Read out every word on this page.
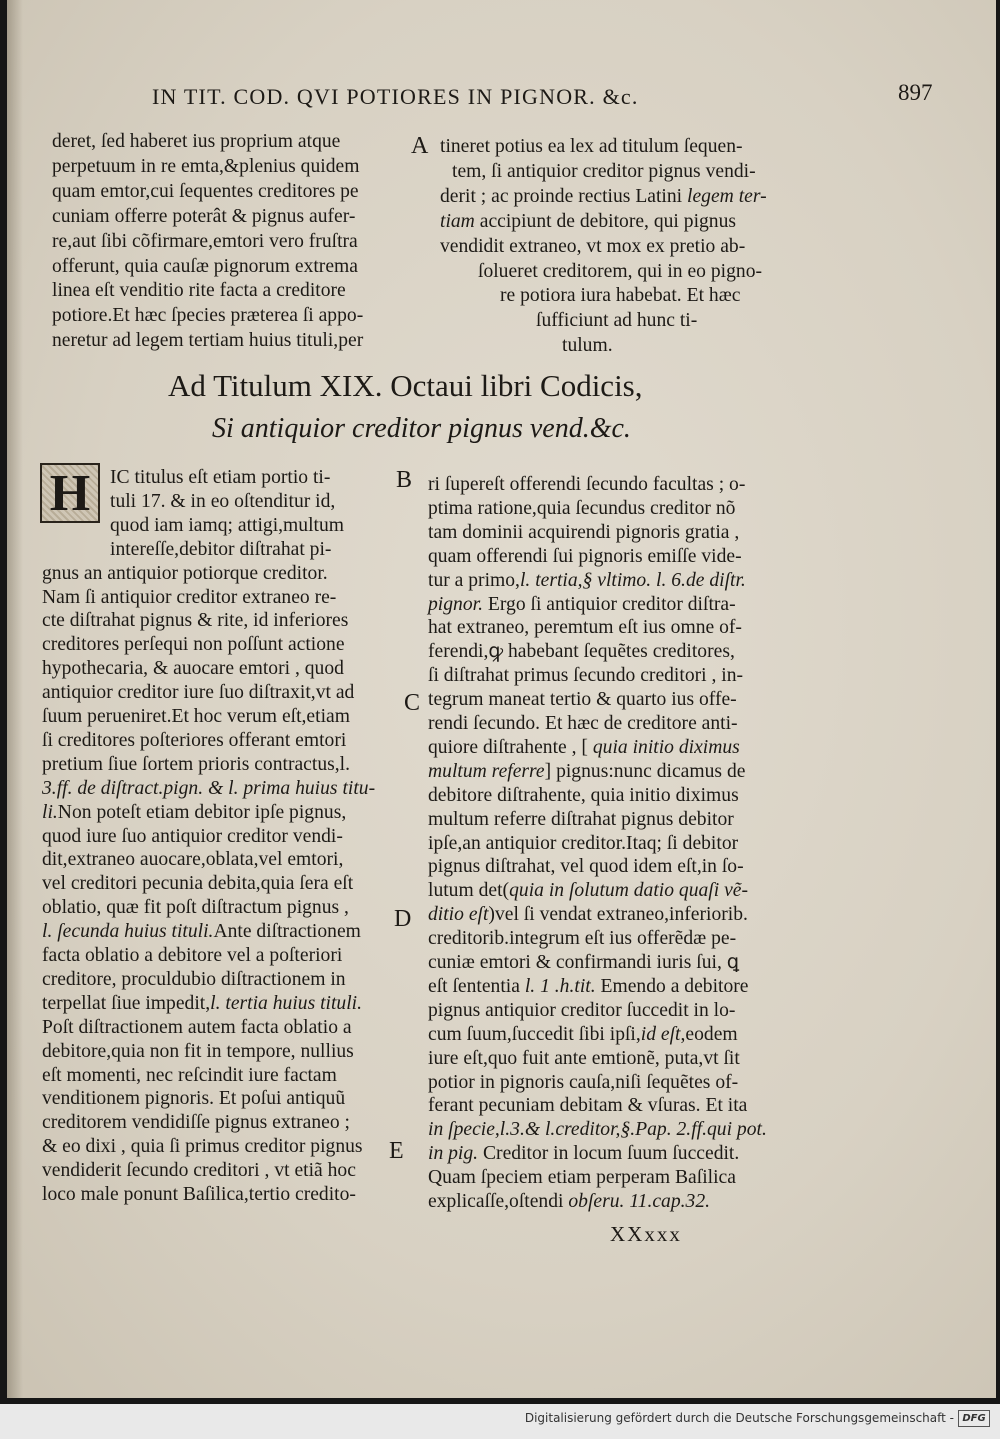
IN TIT. COD. QVI POTIORES IN PIGNOR. &c.	897
deret, ſed haberet ius proprium atque
perpetuum in re emta,&plenius quidem
quam emtor,cui ſequentes creditores pe
cuniam offerre poterât & pignus aufer-
re,aut ſibi cõfirmare,emtori vero fruſtra
offerunt, quia cauſæ pignorum extrema
linea eſt venditio rite facta a creditore
potiore.Et hæc ſpecies præterea ſi appo-
neretur ad legem tertiam huius tituli,per
tineret potius ea lex ad titulum ſequen-
tem, ſi antiquior creditor pignus vendi-
derit ; ac proinde rectius Latini legem ter-
tiam accipiunt de debitore, qui pignus
vendidit extraneo, vt mox ex pretio ab-
ſolueret creditorem, qui in eo pigno-
re potiora iura habebat. Et hæc
ſufficiunt ad hunc ti-
tulum.
A
B
C
D
E
Ad Titulum XIX. Octaui libri Codicis,
Si antiquior creditor pignus vend.&c.
H	IC titulus eſt etiam portio ti-
tuli 17. & in eo oſtenditur id,
quod iam iamq; attigi,multum
intereſſe,debitor diſtrahat pi-
gnus an antiquior potiorque creditor.
Nam ſi antiquior creditor extraneo re-
cte diſtrahat pignus & rite, id inferiores
creditores perſequi non poſſunt actione
hypothecaria, & auocare emtori , quod
antiquior creditor iure ſuo diſtraxit,vt ad
ſuum perueniret.Et hoc verum eſt,etiam
ſi creditores poſteriores offerant emtori
pretium ſiue ſortem prioris contractus,l.
3.ff. de diſtract.pign. & l. prima huius titu-
li.Non poteſt etiam debitor ipſe pignus,
quod iure ſuo antiquior creditor vendi-
dit,extraneo auocare,oblata,vel emtori,
vel creditori pecunia debita,quia ſera eſt
oblatio, quæ fit poſt diſtractum pignus ,
l. ſecunda huius tituli.Ante diſtractionem
facta oblatio a debitore vel a poſteriori
creditore, proculdubio diſtractionem in
terpellat ſiue impedit,l. tertia huius tituli.
Poſt diſtractionem autem facta oblatio a
debitore,quia non fit in tempore, nullius
eſt momenti, nec reſcindit iure factam
venditionem pignoris. Et poſui antiquũ
creditorem vendidiſſe pignus extraneo ;
& eo dixi , quia ſi primus creditor pignus
vendiderit ſecundo creditori , vt etiã hoc
loco male ponunt Baſilica,tertio credito-
ri ſupereſt offerendi ſecundo facultas ; o-
ptima ratione,quia ſecundus creditor nõ
tam dominii acquirendi pignoris gratia ,
quam offerendi ſui pignoris emiſſe vide-
tur a primo,l. tertia,§ vltimo. l. 6.de diſtr.
pignor. Ergo ſi antiquior creditor diſtra-
hat extraneo, peremtum eſt ius omne of-
ferendi,ꝙ habebant ſequẽtes creditores,
ſi diſtrahat primus ſecundo creditori , in-
tegrum maneat tertio & quarto ius offe-
rendi ſecundo. Et hæc de creditore anti-
quiore diſtrahente , [ quia initio diximus
multum referre] pignus:nunc dicamus de
debitore diſtrahente, quia initio diximus
multum referre diſtrahat pignus debitor
ipſe,an antiquior creditor.Itaq; ſi debitor
pignus diſtrahat, vel quod idem eſt,in ſo-
lutum det(quia in ſolutum datio quaſi vẽ-
ditio eſt)vel ſi vendat extraneo,inferiorib.
creditorib.integrum eſt ius offerẽdæ pe-
cuniæ emtori & confirmandi iuris ſui, ꝗ
eſt ſententia l. 1 .h.tit. Emendo a debitore
pignus antiquior creditor ſuccedit in lo-
cum ſuum,ſuccedit ſibi ipſi,id eſt,eodem
iure eſt,quo fuit ante emtionẽ, puta,vt ſit
potior in pignoris cauſa,niſi ſequẽtes of-
ferant pecuniam debitam & vſuras. Et ita
in ſpecie,l.3.& l.creditor,§.Pap. 2.ff.qui pot.
in pig. Creditor in locum ſuum ſuccedit.
Quam ſpeciem etiam perperam Baſilica
explicaſſe,oſtendi obſeru. 11.cap.32.
XXxxx
Digitalisierung gefördert durch die Deutsche Forschungsgemeinschaft - DFG
